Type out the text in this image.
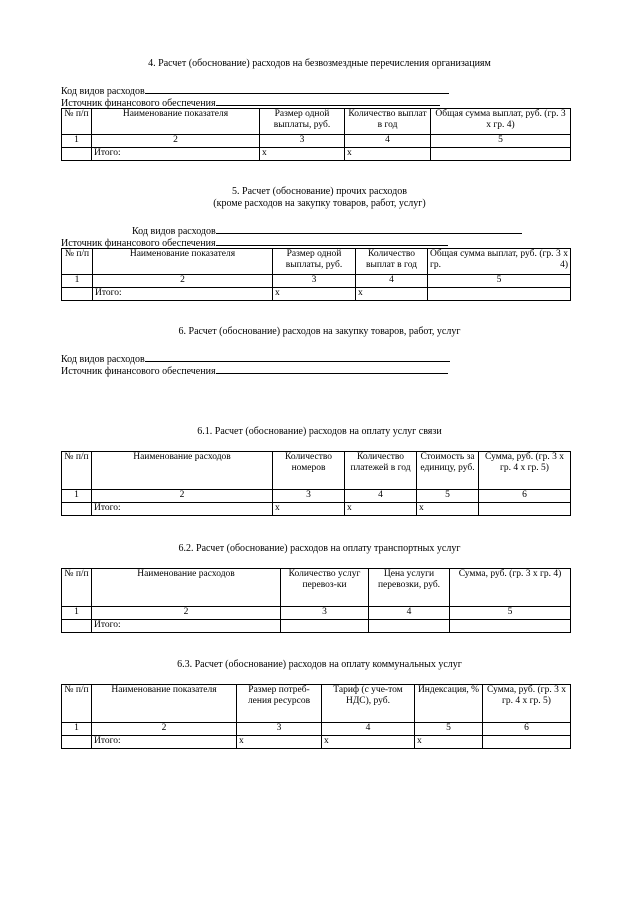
4. Расчет (обоснование) расходов на безвозмездные перечисления организациям
Код видов расходов
Источник финансового обеспечения
№ п/п	Наименование показателя	Размер одной выплаты, руб.	Количество выплат в год	Общая сумма выплат, руб. (гр. 3 х гр. 4)
1	2	3	4	5
	Итого:	х	х	
5. Расчет (обоснование) прочих расходов
(кроме расходов на закупку товаров, работ, услуг)
Код видов расходов
Источник финансового обеспечения
№ п/п	Наименование показателя	Размер одной выплаты, руб.	Количество выплат в год	Общая сумма выплат, руб. (гр. 3 х гр. 4)
1	2	3	4	5
	Итого:	х	х	
6. Расчет (обоснование) расходов на закупку товаров, работ, услуг
Код видов расходов
Источник финансового обеспечения
6.1. Расчет (обоснование) расходов на оплату услуг связи
№ п/п	Наименование расходов	Количество номеров	Количество платежей в год	Стоимость за единицу, руб.	Сумма, руб. (гр. 3 х гр. 4 х гр. 5)
1	2	3	4	5	6
	Итого:	х	х	х	
6.2. Расчет (обоснование) расходов на оплату транспортных услуг
№ п/п	Наименование расходов	Количество услуг перевоз-ки	Цена услуги перевозки, руб.	Сумма, руб. (гр. 3 х гр. 4)
1	2	3	4	5
	Итого:			
6.3. Расчет (обоснование) расходов на оплату коммунальных услуг
№ п/п	Наименование показателя	Размер потреб-ления ресурсов	Тариф (с уче-том НДС), руб.	Индексация, %	Сумма, руб. (гр. 3 х гр. 4 х гр. 5)
1	2	3	4	5	6
	Итого:	х	х	х	
